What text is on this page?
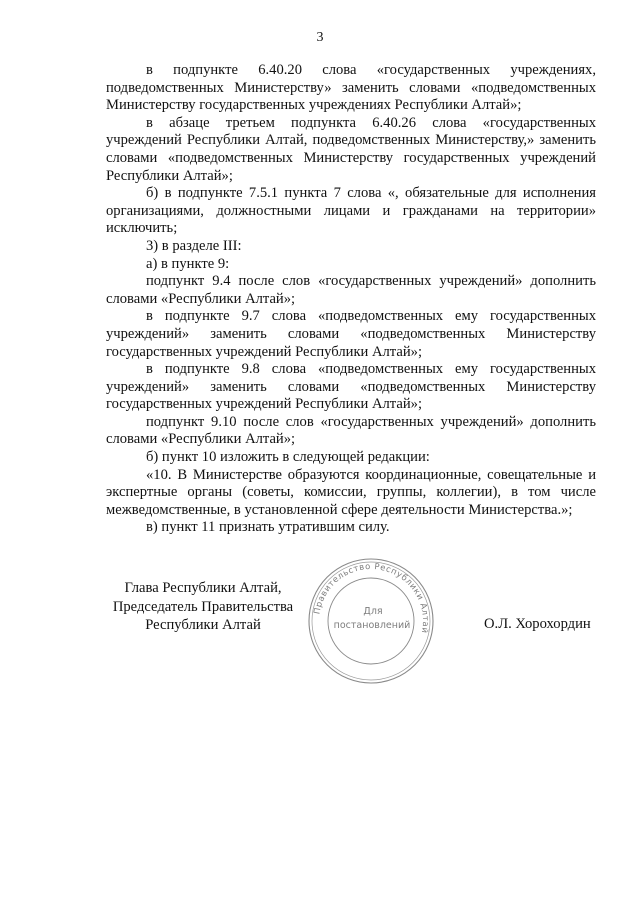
3

в подпункте 6.40.20 слова «государственных учреждениях, подведомственных Министерству» заменить словами «подведомственных Министерству государственных учреждениях Республики Алтай»;

в абзаце третьем подпункта 6.40.26 слова «государственных учреждений Республики Алтай, подведомственных Министерству,» заменить словами «подведомственных Министерству государственных учреждений Республики Алтай»;

б) в подпункте 7.5.1 пункта 7 слова «, обязательные для исполнения организациями, должностными лицами и гражданами на территории» исключить;

3) в разделе III:

а) в пункте 9:

подпункт 9.4 после слов «государственных учреждений» дополнить словами «Республики Алтай»;

в подпункте 9.7 слова «подведомственных ему государственных учреждений» заменить словами «подведомственных Министерству государственных учреждений Республики Алтай»;

в подпункте 9.8 слова «подведомственных ему государственных учреждений» заменить словами «подведомственных Министерству государственных учреждений Республики Алтай»;

подпункт 9.10 после слов «государственных учреждений» дополнить словами «Республики Алтай»;

б) пункт 10 изложить в следующей редакции:

«10. В Министерстве образуются координационные, совещательные и экспертные органы (советы, комиссии, группы, коллегии), в том числе межведомственные, в установленной сфере деятельности Министерства.»;

в) пункт 11 признать утратившим силу.

Глава Республики Алтай,
Председатель Правительства
Республики Алтай
Правительство Республики Алтай
Для
постановлений	О.Л. Хорохордин
